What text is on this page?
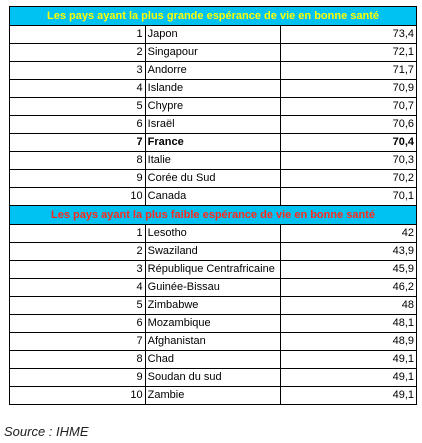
Les pays ayant la plus grande espérance de vie en bonne santé		
1	Japon	73,4
2	Singapour	72,1
3	Andorre	71,7
4	Islande	70,9
5	Chypre	70,7
6	Israël	70,6
7	France	70,4
8	Italie	70,3
9	Corée du Sud	70,2
10	Canada	70,1
Les pays ayant la plus faible espérance de vie en bonne santé		
1	Lesotho	42
2	Swaziland	43,9
3	République Centrafricaine	45,9
4	Guinée-Bissau	46,2
5	Zimbabwe	48
6	Mozambique	48,1
7	Afghanistan	48,9
8	Chad	49,1
9	Soudan du sud	49,1
10	Zambie	49,1
Source : IHME
